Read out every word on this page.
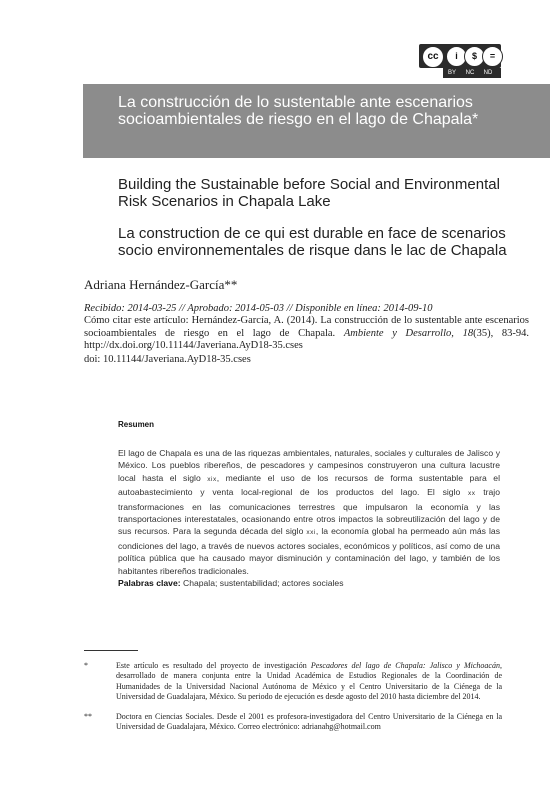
cc	i	$	=
BY NC ND
La construcción de lo sustentable ante escenarios socioambientales de riesgo en el lago de Chapala*
Building the Sustainable before Social and Environmental Risk Scenarios in Chapala Lake
La construction de ce qui est durable en face de scenarios socio environnementales de risque dans le lac de Chapala
Adriana Hernández-García**
Recibido: 2014-03-25 // Aprobado: 2014-05-03 // Disponible en línea: 2014-09-10
Cómo citar este artículo: Hernández-García, A. (2014). La construcción de lo sustentable ante escenarios socioambientales de riesgo en el lago de Chapala. Ambiente y Desarrollo, 18(35), 83-94. http://dx.doi.org/10.11144/Javeriana.AyD18-35.cses
doi: 10.11144/Javeriana.AyD18-35.cses
Resumen
El lago de Chapala es una de las riquezas ambientales, naturales, sociales y culturales de Jalisco y México. Los pueblos ribereños, de pescadores y campesinos construyeron una cultura lacustre local hasta el siglo xix, mediante el uso de los recursos de forma sustentable para el autoabastecimiento y venta local-regional de los productos del lago. El siglo xx trajo transformaciones en las comunicaciones terrestres que impulsaron la economía y las transportaciones interestatales, ocasionando entre otros impactos la sobreutilización del lago y de sus recursos. Para la segunda década del siglo xxi, la economía global ha permeado aún más las condiciones del lago, a través de nuevos actores sociales, económicos y políticos, así como de una política pública que ha causado mayor disminución y contaminación del lago, y también de los habitantes ribereños tradicionales.
Palabras clave: Chapala; sustentabilidad; actores sociales
*	Este artículo es resultado del proyecto de investigación Pescadores del lago de Chapala: Jalisco y Michoacán, desarrollado de manera conjunta entre la Unidad Académica de Estudios Regionales de la Coordinación de Humanidades de la Universidad Nacional Autónoma de México y el Centro Universitario de la Ciénega de la Universidad de Guadalajara, México. Su periodo de ejecución es desde agosto del 2010 hasta diciembre del 2014.
**	Doctora en Ciencias Sociales. Desde el 2001 es profesora-investigadora del Centro Universitario de la Ciénega en la Universidad de Guadalajara, México. Correo electrónico: adrianahg@hotmail.com
